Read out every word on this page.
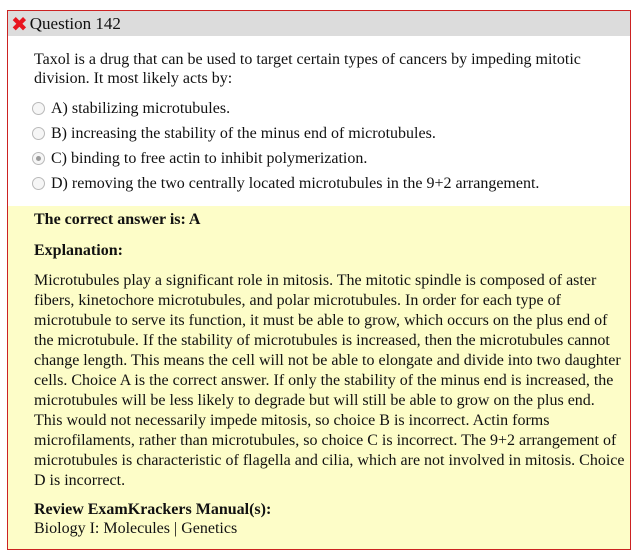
✖ Question 142
Taxol is a drug that can be used to target certain types of cancers by impeding mitotic division. It most likely acts by:
A) stabilizing microtubules.
B) increasing the stability of the minus end of microtubules.
C) binding to free actin to inhibit polymerization.
D) removing the two centrally located microtubules in the 9+2 arrangement.
The correct answer is: A
Explanation:
Microtubules play a significant role in mitosis. The mitotic spindle is composed of aster fibers, kinetochore microtubules, and polar microtubules. In order for each type of microtubule to serve its function, it must be able to grow, which occurs on the plus end of the microtubule. If the stability of microtubules is increased, then the microtubules cannot change length. This means the cell will not be able to elongate and divide into two daughter cells. Choice A is the correct answer. If only the stability of the minus end is increased, the microtubules will be less likely to degrade but will still be able to grow on the plus end. This would not necessarily impede mitosis, so choice B is incorrect. Actin forms microfilaments, rather than microtubules, so choice C is incorrect. The 9+2 arrangement of microtubules is characteristic of flagella and cilia, which are not involved in mitosis. Choice D is incorrect.
Review ExamKrackers Manual(s):
Biology I: Molecules | Genetics
